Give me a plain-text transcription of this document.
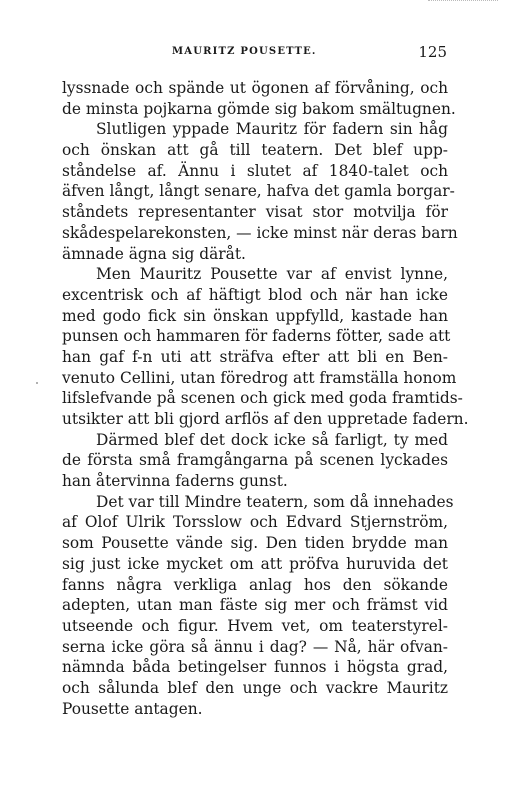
MAURITZ POUSETTE.	125
lyssnade och spände ut ögonen af förvåning, och
de minsta pojkarna gömde sig bakom smältugnen.
Slutligen yppade Mauritz för fadern sin håg
och önskan att gå till teatern. Det blef upp-
ståndelse af. Ännu i slutet af 1840-talet och
äfven långt, långt senare, hafva det gamla borgar-
ståndets representanter visat stor motvilja för
skådespelarekonsten, — icke minst när deras barn
ämnade ägna sig däråt.
Men Mauritz Pousette var af envist lynne,
excentrisk och af häftigt blod och när han icke
med godo fick sin önskan uppfylld, kastade han
punsen och hammaren för faderns fötter, sade att
han gaf f-n uti att sträfva efter att bli en Ben-
venuto Cellini, utan föredrog att framställa honom
lifslefvande på scenen och gick med goda framtids-
utsikter att bli gjord arflös af den uppretade fadern.
Därmed blef det dock icke så farligt, ty med
de första små framgångarna på scenen lyckades
han återvinna faderns gunst.
Det var till Mindre teatern, som då innehades
af Olof Ulrik Torsslow och Edvard Stjernström,
som Pousette vände sig. Den tiden brydde man
sig just icke mycket om att pröfva huruvida det
fanns några verkliga anlag hos den sökande
adepten, utan man fäste sig mer och främst vid
utseende och figur. Hvem vet, om teaterstyrel-
serna icke göra så ännu i dag? — Nå, här ofvan-
nämnda båda betingelser funnos i högsta grad,
och sålunda blef den unge och vackre Mauritz
Pousette antagen.
